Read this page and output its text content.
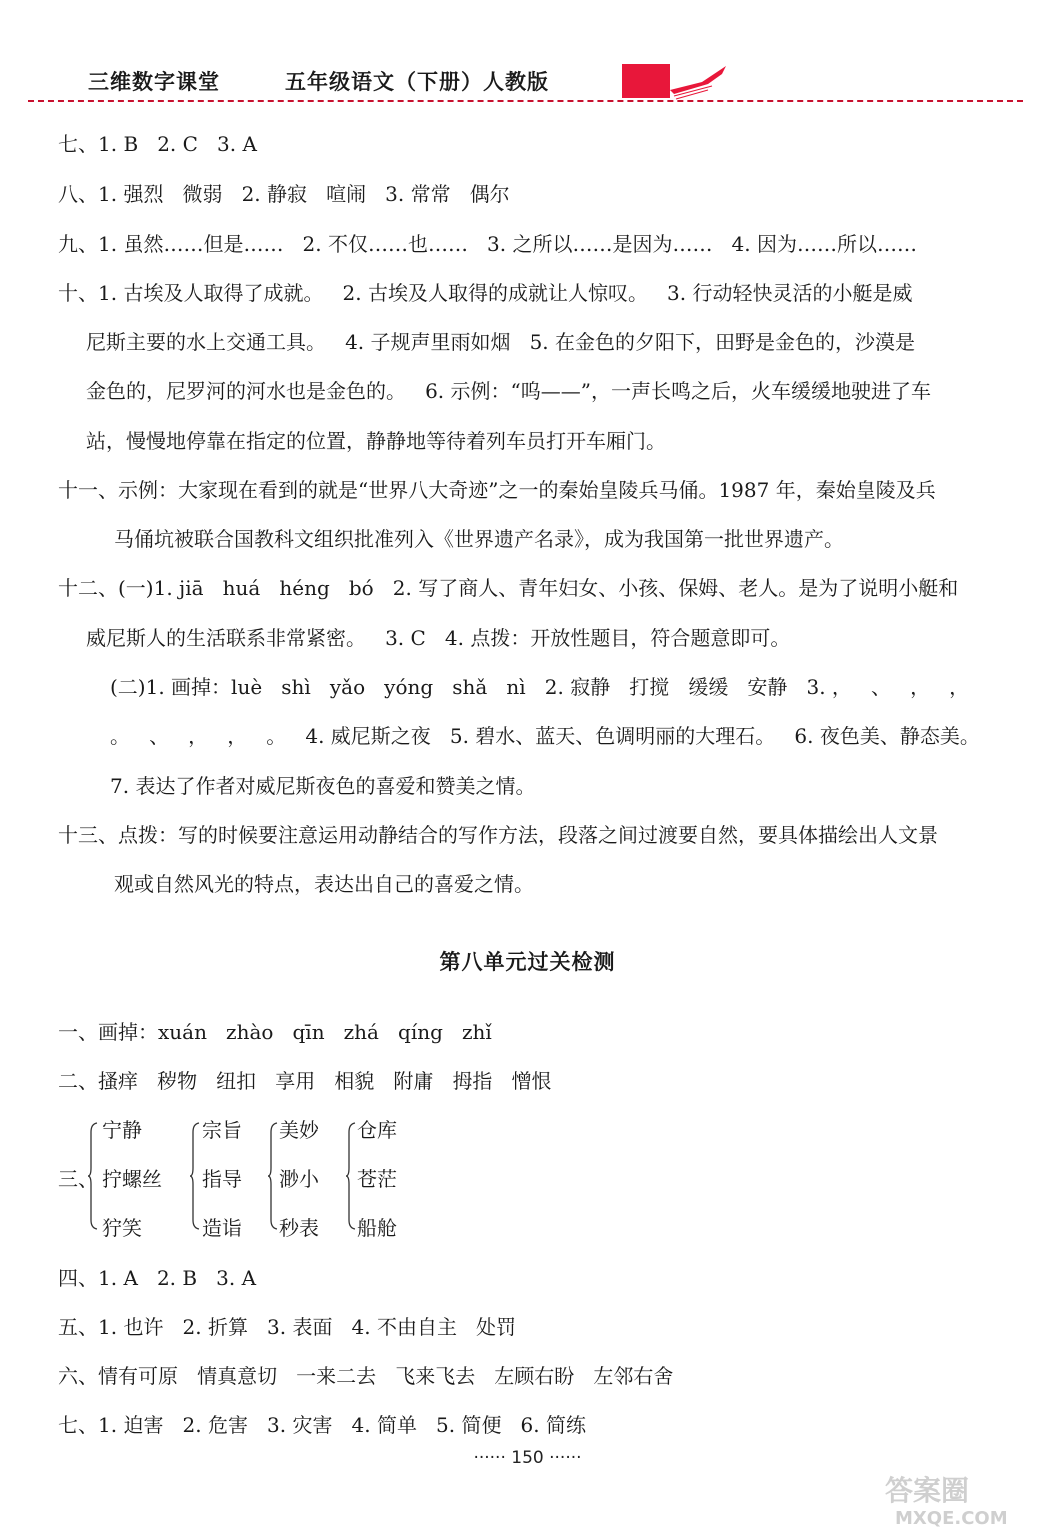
三维数字课堂	五年级语文（下册）人教版
七、1. B   2. C   3. A
八、1. 强烈   微弱   2. 静寂   喧闹   3. 常常   偶尔
九、1. 虽然……但是……   2. 不仅……也……   3. 之所以……是因为……   4. 因为……所以……
十、1. 古埃及人取得了成就。   2. 古埃及人取得的成就让人惊叹。   3. 行动轻快灵活的小艇是威
尼斯主要的水上交通工具。   4. 子规声里雨如烟   5. 在金色的夕阳下，田野是金色的，沙漠是
金色的，尼罗河的河水也是金色的。   6. 示例：“呜——”，一声长鸣之后，火车缓缓地驶进了车
站，慢慢地停靠在指定的位置，静静地等待着列车员打开车厢门。
十一、示例：大家现在看到的就是“世界八大奇迹”之一的秦始皇陵兵马俑。1987 年，秦始皇陵及兵
马俑坑被联合国教科文组织批准列入《世界遗产名录》，成为我国第一批世界遗产。
十二、(一)1. jiā   huá   héng   bó   2. 写了商人、青年妇女、小孩、保姆、老人。是为了说明小艇和
威尼斯人的生活联系非常紧密。   3. C   4. 点拨：开放性题目，符合题意即可。
(二)1. 画掉：luè   shì   yǎo   yóng   shǎ   nì   2. 寂静   打搅   缓缓   安静   3. ，   、   ，   ，
。   、   ，   ，   。   4. 威尼斯之夜   5. 碧水、蓝天、色调明丽的大理石。   6. 夜色美、静态美。
7. 表达了作者对威尼斯夜色的喜爱和赞美之情。
十三、点拨：写的时候要注意运用动静结合的写作方法，段落之间过渡要自然，要具体描绘出人文景
观或自然风光的特点，表达出自己的喜爱之情。
第八单元过关检测
一、画掉：xuán   zhào   qīn   zhá   qíng   zhǐ
二、搔痒   秽物   纽扣   享用   相貌   附庸   拇指   憎恨
三、
宁静
拧螺丝
狞笑
宗旨
指导
造诣
美妙
渺小
秒表
仓库
苍茫
船舱
四、1. A   2. B   3. A
五、1. 也许   2. 折算   3. 表面   4. 不由自主   处罚
六、情有可原   情真意切   一来二去   飞来飞去   左顾右盼   左邻右舍
七、1. 迫害   2. 危害   3. 灾害   4. 简单   5. 简便   6. 简练
······ 150 ······
答案圈
MXQE.COM
